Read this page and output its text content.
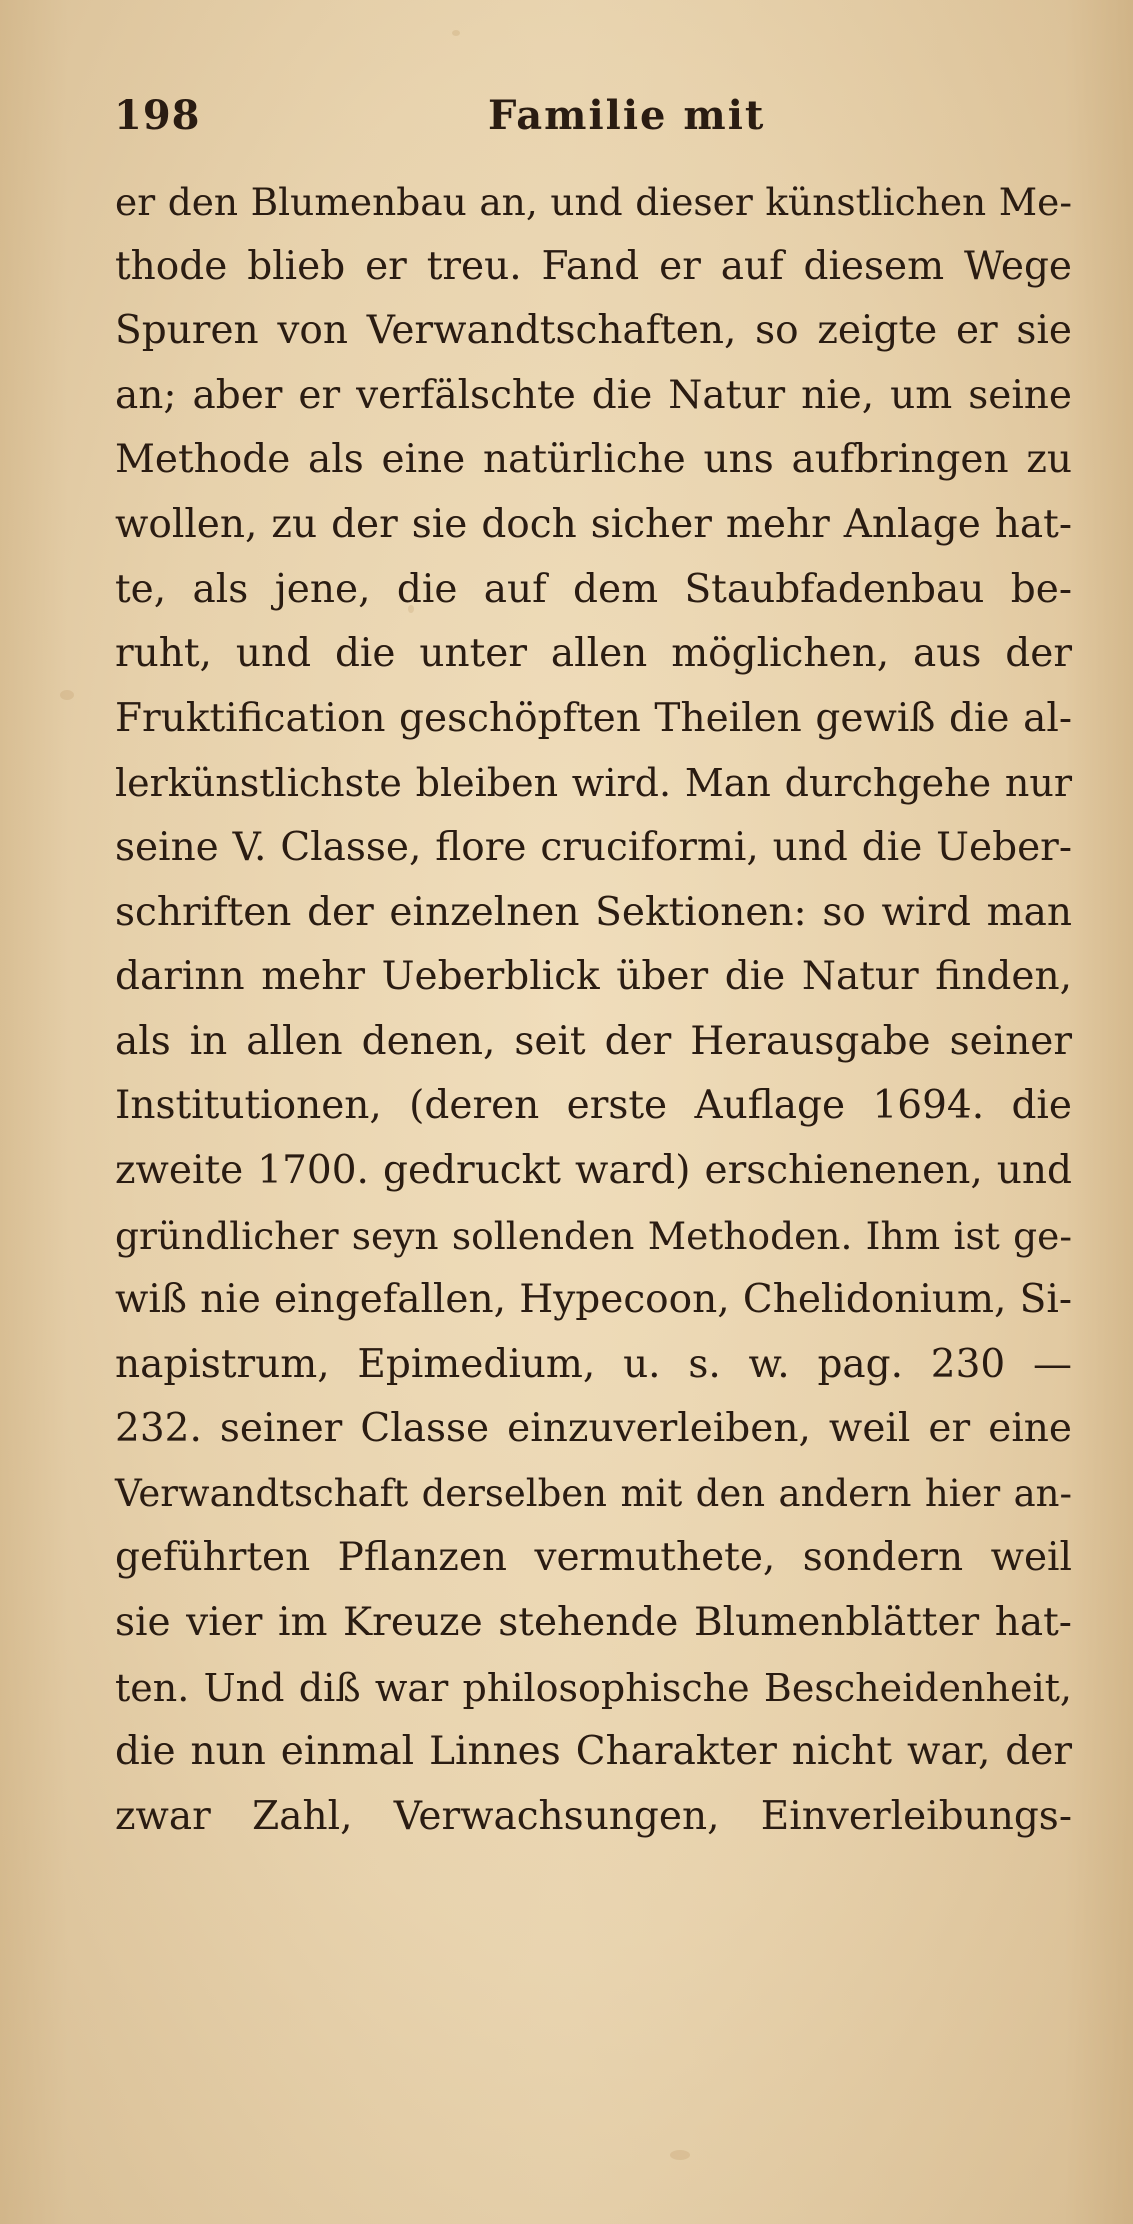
198	Familie mit
er den Blumenbau an, und dieser künstlichen Me-
thode blieb er treu. Fand er auf diesem Wege
Spuren von Verwandtschaften, so zeigte er sie
an; aber er verfälschte die Natur nie, um seine
Methode als eine natürliche uns aufbringen zu
wollen, zu der sie doch sicher mehr Anlage hat-
te, als jene, die auf dem Staubfadenbau be-
ruht, und die unter allen möglichen, aus der
Fruktification geschöpften Theilen gewiß die al-
lerkünstlichste bleiben wird. Man durchgehe nur
seine V. Classe, flore cruciformi, und die Ueber-
schriften der einzelnen Sektionen: so wird man
darinn mehr Ueberblick über die Natur finden,
als in allen denen, seit der Herausgabe seiner
Institutionen, (deren erste Auflage 1694. die
zweite 1700. gedruckt ward) erschienenen, und
gründlicher seyn sollenden Methoden. Ihm ist ge-
wiß nie eingefallen, Hypecoon, Chelidonium, Si-
napistrum, Epimedium, u. s. w. pag. 230 —
232. seiner Classe einzuverleiben, weil er eine
Verwandtschaft derselben mit den andern hier an-
geführten Pflanzen vermuthete, sondern weil
sie vier im Kreuze stehende Blumenblätter hat-
ten. Und diß war philosophische Bescheidenheit,
die nun einmal Linnes Charakter nicht war, der
zwar Zahl, Verwachsungen, Einverleibungs-
